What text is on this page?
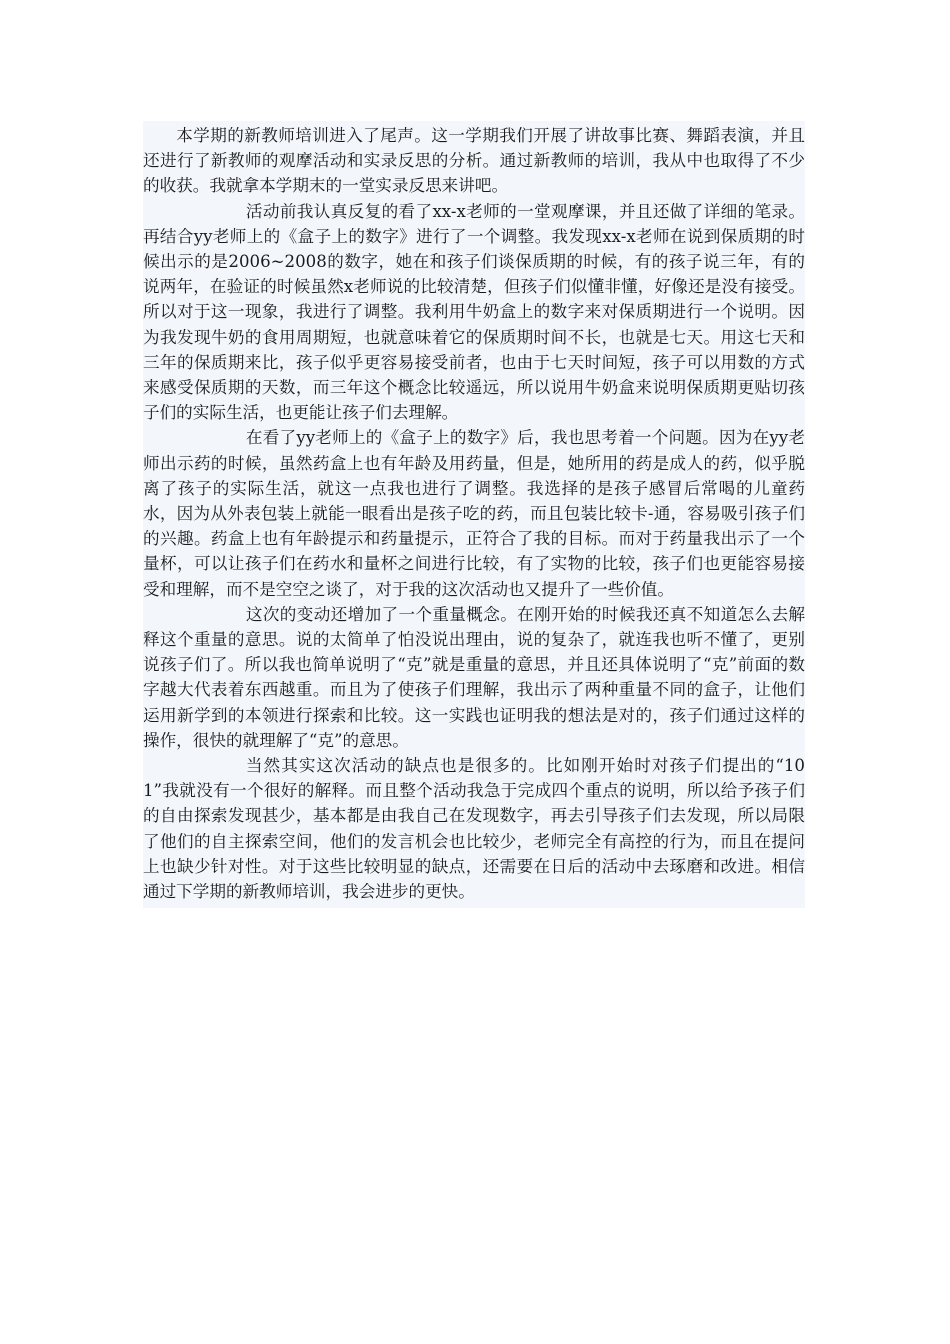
本学期的新教师培训进入了尾声。这一学期我们开展了讲故事比赛、舞蹈表演，并且还进行了新教师的观摩活动和实录反思的分析。通过新教师的培训，我从中也取得了不少的收获。我就拿本学期末的一堂实录反思来讲吧。

活动前我认真反复的看了xx-x老师的一堂观摩课，并且还做了详细的笔录。再结合yy老师上的《盒子上的数字》进行了一个调整。我发现xx-x老师在说到保质期的时候出示的是2006~2008的数字，她在和孩子们谈保质期的时候，有的孩子说三年，有的说两年，在验证的时候虽然x老师说的比较清楚，但孩子们似懂非懂，好像还是没有接受。所以对于这一现象，我进行了调整。我利用牛奶盒上的数字来对保质期进行一个说明。因为我发现牛奶的食用周期短，也就意味着它的保质期时间不长，也就是七天。用这七天和三年的保质期来比，孩子似乎更容易接受前者，也由于七天时间短，孩子可以用数的方式来感受保质期的天数，而三年这个概念比较遥远，所以说用牛奶盒来说明保质期更贴切孩子们的实际生活，也更能让孩子们去理解。

在看了yy老师上的《盒子上的数字》后，我也思考着一个问题。因为在yy老师出示药的时候，虽然药盒上也有年龄及用药量，但是，她所用的药是成人的药，似乎脱离了孩子的实际生活，就这一点我也进行了调整。我选择的是孩子感冒后常喝的儿童药水，因为从外表包装上就能一眼看出是孩子吃的药，而且包装比较卡-通，容易吸引孩子们的兴趣。药盒上也有年龄提示和药量提示，正符合了我的目标。而对于药量我出示了一个量杯，可以让孩子们在药水和量杯之间进行比较，有了实物的比较，孩子们也更能容易接受和理解，而不是空空之谈了，对于我的这次活动也又提升了一些价值。

这次的变动还增加了一个重量概念。在刚开始的时候我还真不知道怎么去解释这个重量的意思。说的太简单了怕没说出理由，说的复杂了，就连我也听不懂了，更别说孩子们了。所以我也简单说明了“克”就是重量的意思，并且还具体说明了“克”前面的数字越大代表着东西越重。而且为了使孩子们理解，我出示了两种重量不同的盒子，让他们运用新学到的本领进行探索和比较。这一实践也证明我的想法是对的，孩子们通过这样的操作，很快的就理解了“克”的意思。

当然其实这次活动的缺点也是很多的。比如刚开始时对孩子们提出的“101”我就没有一个很好的解释。而且整个活动我急于完成四个重点的说明，所以给予孩子们的自由探索发现甚少，基本都是由我自己在发现数字，再去引导孩子们去发现，所以局限了他们的自主探索空间，他们的发言机会也比较少，老师完全有高控的行为，而且在提问上也缺少针对性。对于这些比较明显的缺点，还需要在日后的活动中去琢磨和改进。相信通过下学期的新教师培训，我会进步的更快。
